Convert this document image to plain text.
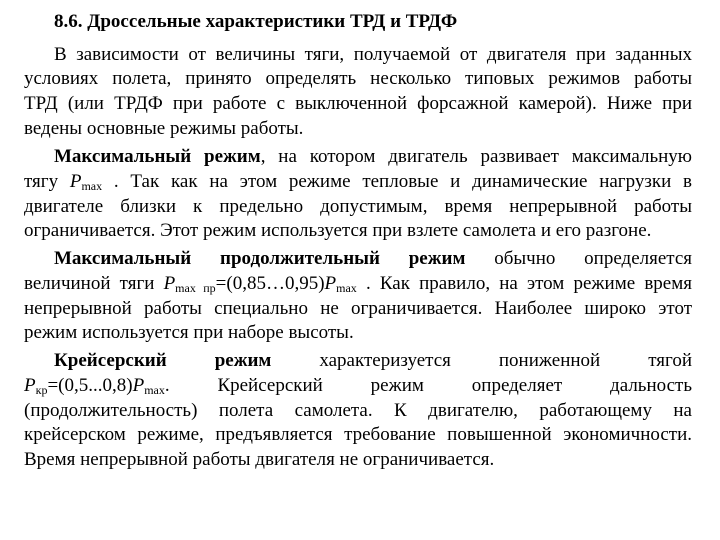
8.6. Дроссельные характеристики ТРД и ТРДФ
В зависимости от величины тяги, получаемой от двигателя при заданных
условиях полета, принято определять несколько типовых режимов работы
ТРД (или ТРДФ при работе с выключенной форсажной камерой). Ниже при
ведены основные режимы работы.
Максимальный режим, на котором двигатель развивает максимальную
тягу $P_{max}$ . Так как на этом режиме тепловые и динамические нагрузки в
двигателе близки к предельно допустимым, время непрерывной работы
ограничивается. Этот режим используется при взлете самолета и его разгоне.
Максимальный продолжительный режим обычно определяется
величиной тяги $P_{max пр}=(0,85\dots 0,95)P_{max}$ . Как правило, на этом режиме время
непрерывной работы специально не ограничивается. Наиболее широко этот
режим используется при наборе высоты.
Крейсерский	режим	характеризуется	пониженной	тягой
$P_{кр}=(0,5...0,8)P_{max}$.	Крейсерский	режим	определяет	дальность
(продолжительность) полета самолета. К двигателю, работающему на
крейсерском режиме, предъявляется требование повышенной экономичности.
Время непрерывной работы двигателя не ограничивается.
